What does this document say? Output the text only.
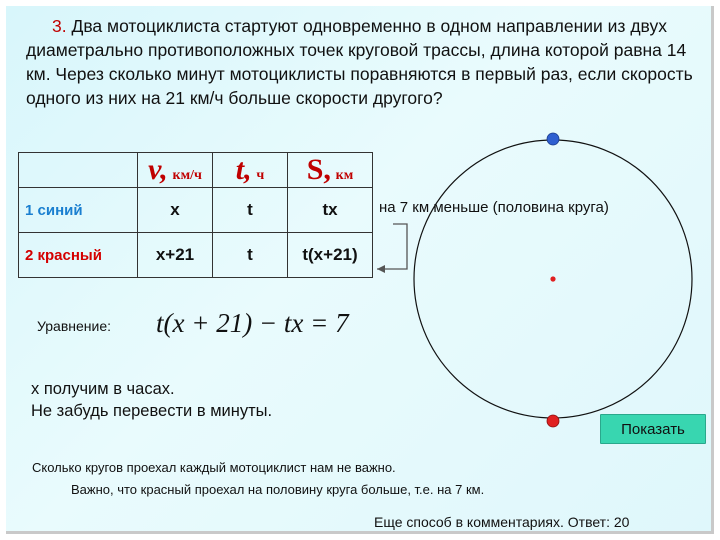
3. Два мотоциклиста стартуют одновременно в одном направлении из двух диаметрально противоположных точек круговой трассы, длина которой равна 14 км. Через сколько минут мотоциклисты поравняются в первый раз, если скорость одного из них на 21 км/ч больше скорости другого?
	v, км/ч	t, ч	S, км
1 синий	x	t	tx
2 красный	x+21	t	t(x+21)
Уравнение: t(x + 21) − tx = 7
x получим в часах.
Не забудь перевести в минуты.
на 7 км меньше (половина круга)
Показать
Сколько кругов проехал каждый мотоциклист нам не важно.
Важно, что красный проехал на половину круга больше, т.е. на 7 км.
Еще способ в комментариях. Ответ: 20
